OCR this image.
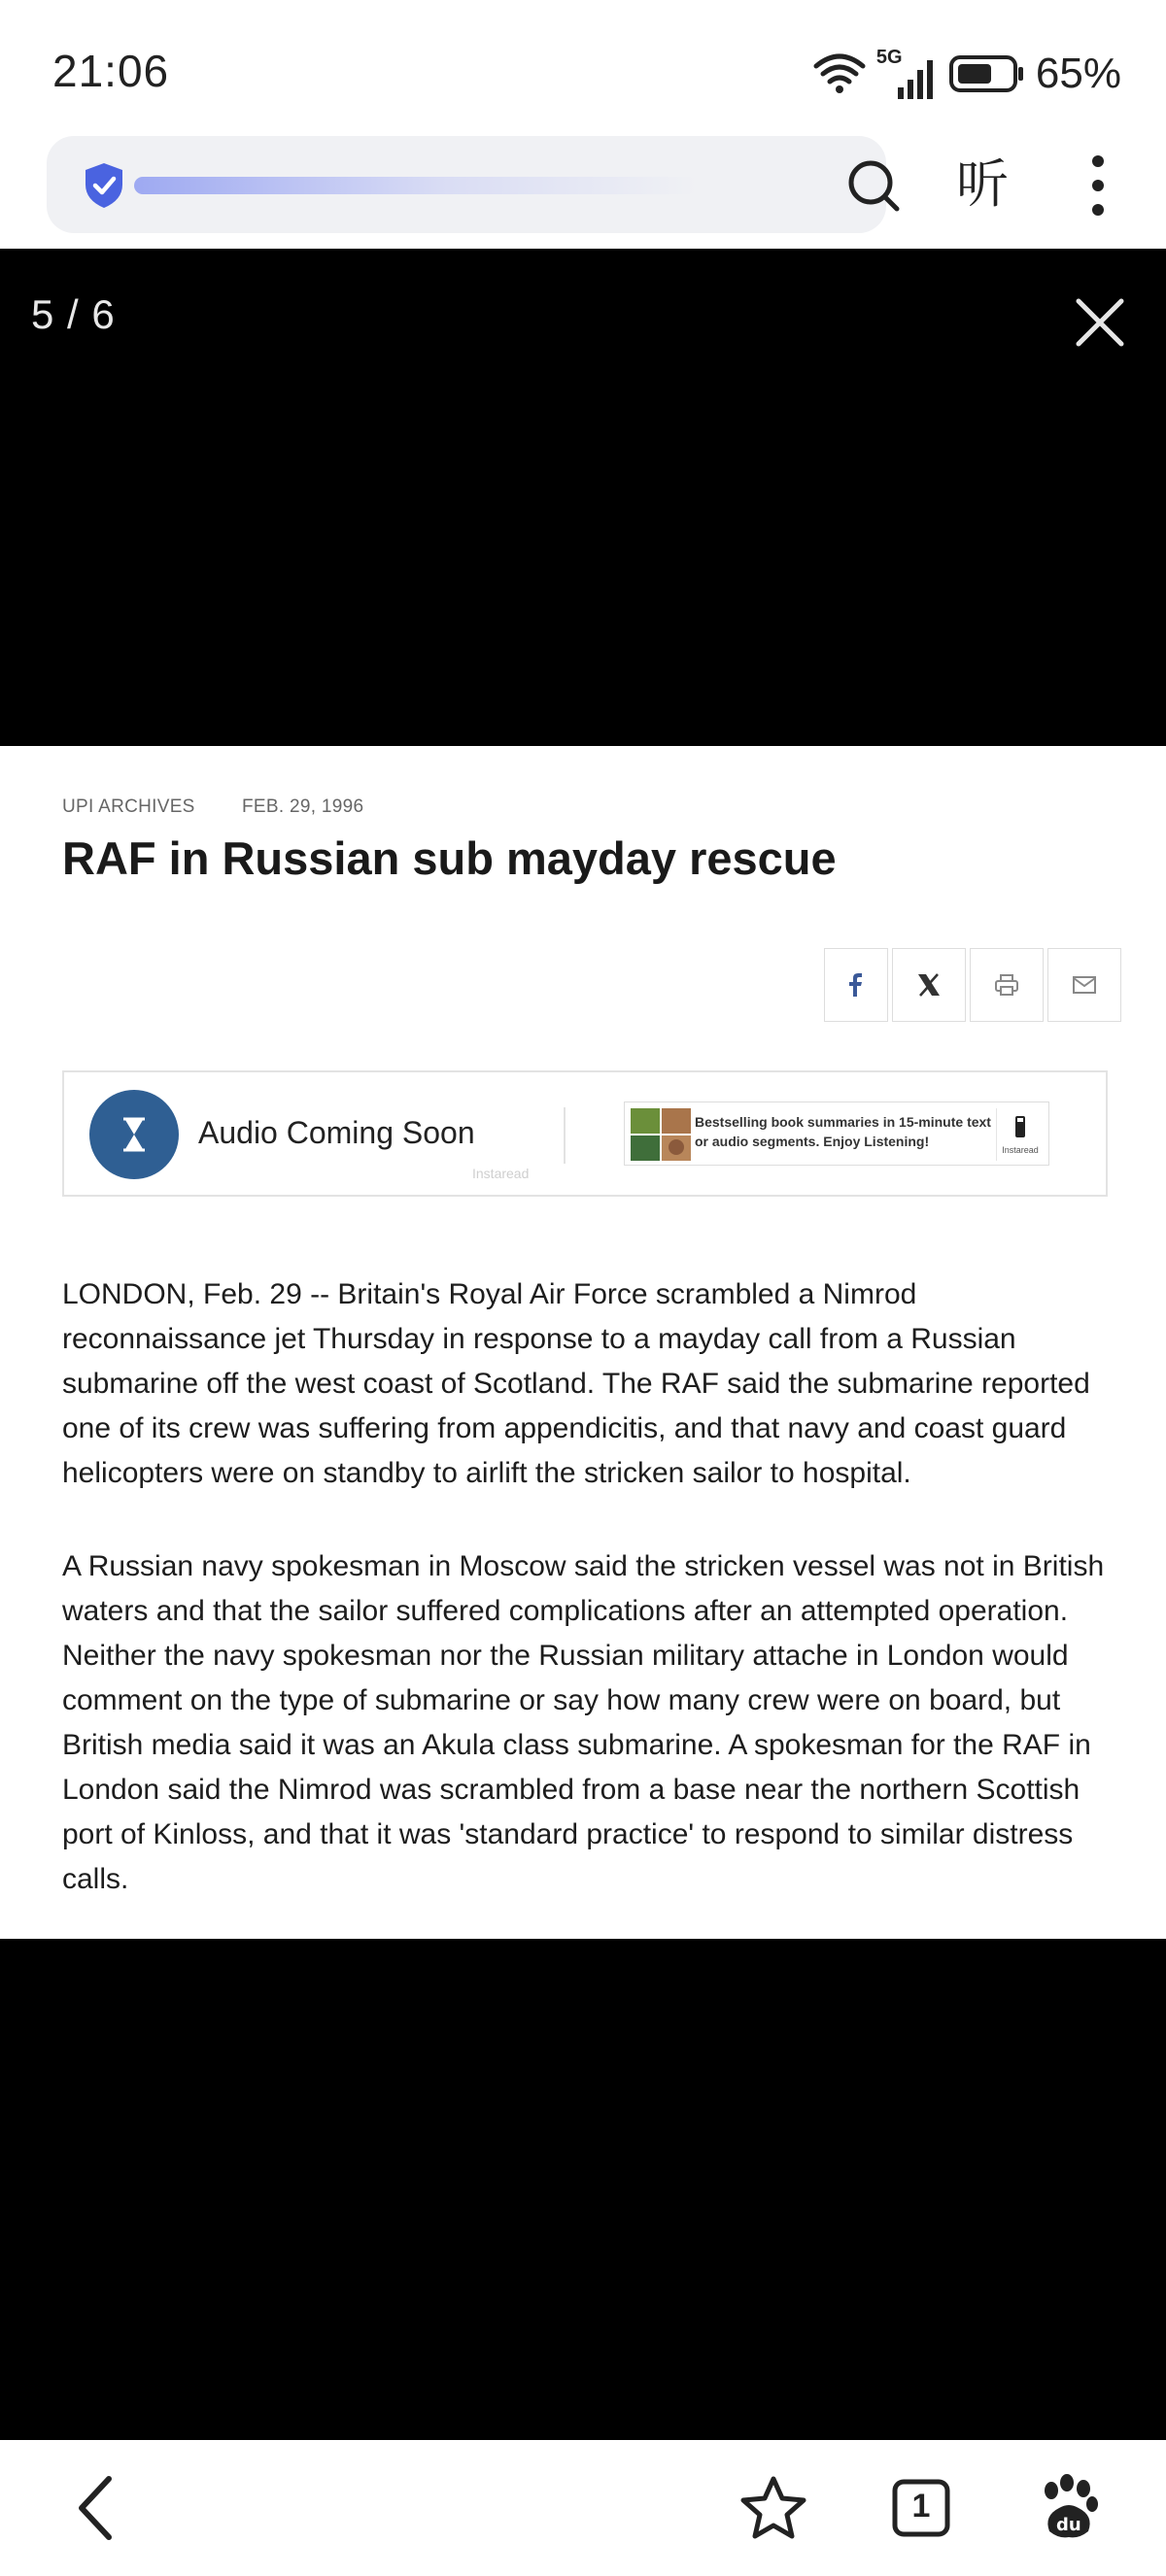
21:06	5G	65%
听
5 / 6
UPI ARCHIVES	FEB. 29, 1996
RAF in Russian sub mayday rescue
Audio Coming Soon
Instaread
Bestselling book summaries in 15-minute text or audio segments. Enjoy Listening!
Instaread

LONDON, Feb. 29 -- Britain's Royal Air Force scrambled a Nimrod reconnaissance jet Thursday in response to a mayday call from a Russian submarine off the west coast of Scotland. The RAF said the submarine reported one of its crew was suffering from appendicitis, and that navy and coast guard helicopters were on standby to airlift the stricken sailor to hospital.

A Russian navy spokesman in Moscow said the stricken vessel was not in British waters and that the sailor suffered complications after an attempted operation. Neither the navy spokesman nor the Russian military attache in London would comment on the type of submarine or say how many crew were on board, but British media said it was an Akula class submarine. A spokesman for the RAF in London said the Nimrod was scrambled from a base near the northern Scottish port of Kinloss, and that it was 'standard practice' to respond to similar distress calls.

1
du
